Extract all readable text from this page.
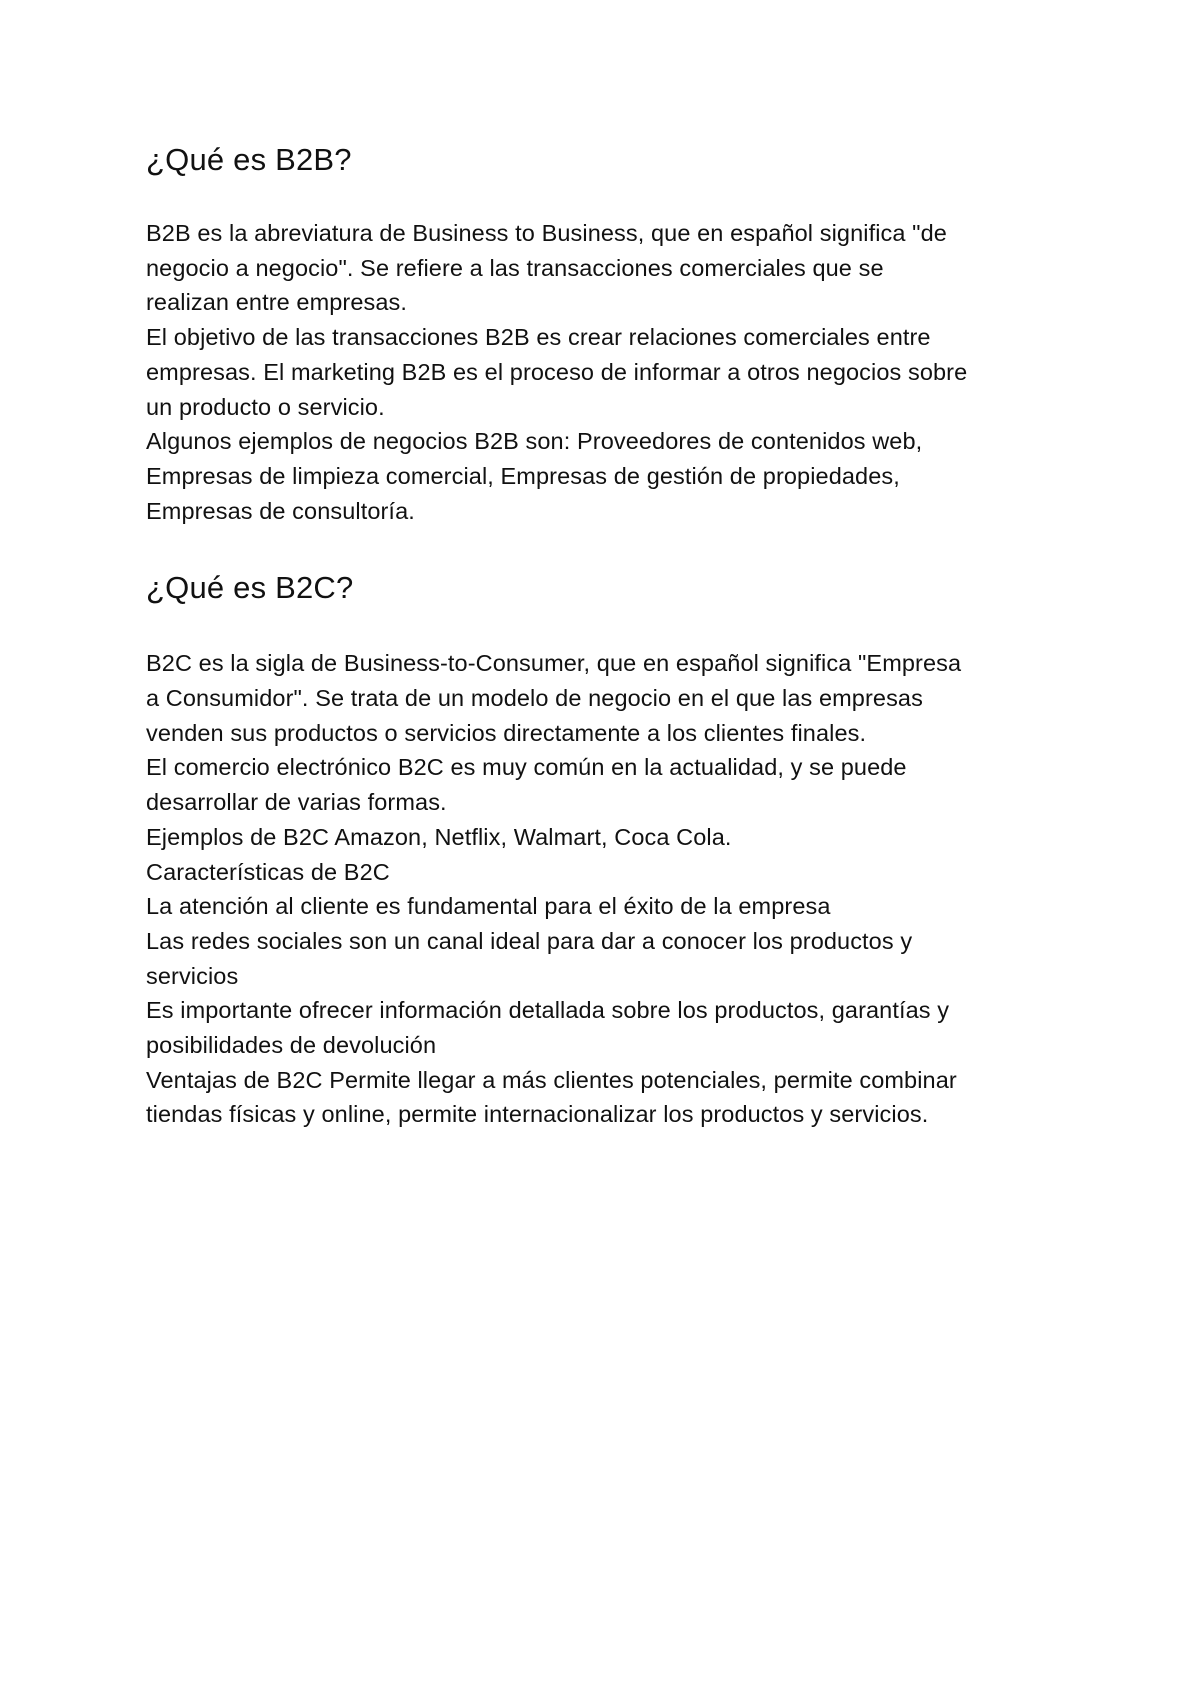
¿Qué es B2B?
B2B es la abreviatura de Business to Business, que en español significa "de
negocio a negocio". Se refiere a las transacciones comerciales que se
realizan entre empresas.
El objetivo de las transacciones B2B es crear relaciones comerciales entre
empresas. El marketing B2B es el proceso de informar a otros negocios sobre
un producto o servicio.
Algunos ejemplos de negocios B2B son: Proveedores de contenidos web,
Empresas de limpieza comercial, Empresas de gestión de propiedades,
Empresas de consultoría.
¿Qué es B2C?
B2C es la sigla de Business-to-Consumer, que en español significa "Empresa
a Consumidor". Se trata de un modelo de negocio en el que las empresas
venden sus productos o servicios directamente a los clientes finales.
El comercio electrónico B2C es muy común en la actualidad, y se puede
desarrollar de varias formas.
Ejemplos de B2C Amazon, Netflix, Walmart, Coca Cola.
Características de B2C
La atención al cliente es fundamental para el éxito de la empresa
Las redes sociales son un canal ideal para dar a conocer los productos y
servicios
Es importante ofrecer información detallada sobre los productos, garantías y
posibilidades de devolución
Ventajas de B2C Permite llegar a más clientes potenciales, permite combinar
tiendas físicas y online, permite internacionalizar los productos y servicios.
